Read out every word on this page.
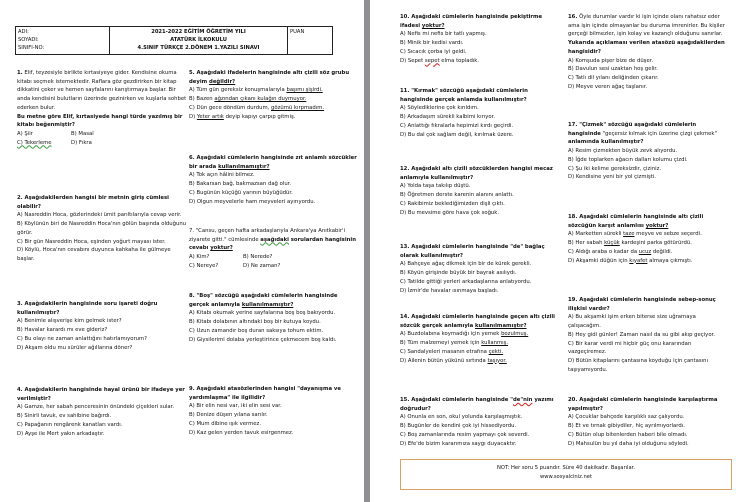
ADI:
SOYADI:
SINIFI-NO:
2021-2022 EĞİTİM ÖĞRETİM YILI
ATATÜRK İLKOKULU
4.SINIF TÜRKÇE 2.DÖNEM 1.YAZILI SINAVI
PUAN
1. Elif, teyzesiyle birlikte kırtasiyeye gider. Kendisine okuma kitabı seçmek istemektedir. Raflara göz gezdirirken bir kitap dikkatini çeker ve hemen sayfalarını karıştırmaya başlar. Bir anda kendisini bulutların üzerinde gezinirken ve kuşlarla sohbet ederken bulur.
Bu metne göre Elif, kırtasiyede hangi türde yazılmış bir kitabı beğenmiştir?
A) Şiir	B) Masal
C) Tekerleme	D) Fıkra
2. Aşağıdakilerden hangisi bir metnin giriş cümlesi olabilir?
A) Nasreddin Hoca, gözlerindeki ümit parıltılarıyla cevap verir.
B) Köylünün biri de Nasreddin Hoca'nın gölün başında olduğunu görür.
C) Bir gün Nasreddin Hoca, eşinden yoğurt mayası ister.
D) Köylü, Hoca'nın cevabını duyunca kahkaha ile gülmeye başlar.
3. Aşağıdakilerin hangisinde soru işareti doğru kullanılmıştır?
A) Benimle alışverişe kim gelmek ister?
B) Havalar karardı mı eve gideriz?
C) Bu olayı ne zaman anlattığını hatırlamıyorum?
D) Akşam oldu mu sürüler ağıllarına döner?
4. Aşağıdakilerin hangisinde hayal ürünü bir ifadeye yer verilmiştir?
A) Gamze, her sabah penceresinin önündeki çiçekleri sular.
B) Sinirli tavuk, ev sahibine bağırdı.
C) Papağanın rengârenk kanatları vardı.
D) Ayşe ile Mert yakın arkadaştır.
5. Aşağıdaki ifadelerin hangisinde altı çizili söz grubu deyim değildir?
A) Tüm gün gereksiz konuşmalarıyla başımı şişirdi.
B) Bazen ağzından çıkanı kulağın duymuyor.
C) Dün gece döndüm durdum, gözümü kırpmadım.
D) Yeter artık deyip kapıyı çarpıp gitmiş.
6. Aşağıdaki cümlelerin hangisinde zıt anlamlı sözcükler bir arada kullanılmamıştır?
A) Tok açın hâlini bilmez.
B) Bakarsan bağ, bakmazsan dağ olur.
C) Bugünün küçüğü yarının büyüğüdür.
D) Olgun meyvelerle ham meyveleri ayırıyordu.
7. "Cansu, geçen hafta arkadaşlarıyla Ankara'ya Anıtkabir'i ziyarete gitti." cümlesinde aşağıdaki sorulardan hangisinin cevabı yoktur?
A) Kim?	B) Nerede?
C) Nereye?	D) Ne zaman?
8. "Boş" sözcüğü aşağıdaki cümlelerin hangisinde gerçek anlamıyla kullanılmamıştır?
A) Kitabı okumak yerine sayfalarına boş boş bakıyordu.
B) Kitabı dolabının altındaki boş bir kutuya koydu.
C) Uzun zamandır boş duran saksıya tohum ektim.
D) Giysilerimi dolaba yerleştirince çekmecem boş kaldı.
9. Aşağıdaki atasözlerinden hangisi "dayanışma ve yardımlaşma" ile ilgilidir?
A) Bir elin nesi var, iki elin sesi var.
B) Denize düşen yılana sarılır.
C) Mum dibine ışık vermez.
D) Kaz gelen yerden tavuk esirgenmez.
10. Aşağıdaki cümlelerin hangisinde pekiştirme ifadesi yoktur?
A) Nefis mi nefis bir tatlı yapmış.
B) Minik bir kedisi vardı.
C) Sıcacık çorba iyi geldi.
D) Sepet sepet elma topladık.
11. "Kırmak" sözcüğü aşağıdaki cümlelerin hangisinde gerçek anlamda kullanılmıştır?
A) Söylediklerine çok kırıldım.
B) Arkadaşım sürekli kalbimi kırıyor.
C) Anlattığı fıkralarla hepimizi kırdı geçirdi.
D) Bu dal çok sağlam değil, kırılmak üzere.
12. Aşağıdaki altı çizili sözcüklerden hangisi mecaz anlamıyla kullanılmıştır?
A) Yolda taşa takılıp düştü.
B) Öğretmen derste karenin alanını anlattı.
C) Rakibimiz beklediğimizden dişli çıktı.
D) Bu mevsime göre hava çok soğuk.
13. Aşağıdaki cümlelerin hangisinde "de" bağlaç olarak kullanılmıştır?
A) Bahçeye ağaç dikmek için bir de kürek gerekli.
B) Köyün girişinde büyük bir bayrak asılıydı.
C) Tatilde gittiği yerleri arkadaşlarına anlatıyordu.
D) İzmir'de havalar ısınmaya başladı.
14. Aşağıdaki cümlelerin hangisinde geçen altı çizili sözcük gerçek anlamıyla kullanılmamıştır?
A) Buzdolabına koymadığı için yemek bozulmuş.
B) Tüm malzemeyi yemek için kullanmış.
C) Sandalyeleri masanın etrafına çekti.
D) Ailenin bütün yükünü sırtında taşıyor.
15. Aşağıdaki cümlelerin hangisinde "de"nin yazımı doğrudur?
A) Onunla en son, okul yolunda karşılaşmıştık.
B) Bugünler de kendini çok iyi hissediyordu.
C) Boş zamanlarında resim yapmayı çok severdi.
D) Efe'de bizim kararımıza saygı duyacaktır.
16. Öyle durumlar vardır ki işin içinde olanı rahatsız eder ama işin içinde olmayanlar bu duruma imrenirler. Bu kişiler gerçeği bilmezler, işin kolay ve kazançlı olduğunu sanırlar.
Yukarıda açıklaması verilen atasözü aşağıdakilerden hangisidir?
A) Komşuda pişer bize de düşer.
B) Davulun sesi uzaktan hoş gelir.
C) Tatlı dil yılanı deliğinden çıkarır.
D) Meyve veren ağaç taşlanır.
17. "Çizmek" sözcüğü aşağıdaki cümlelerin hangisinde "geçersiz kılmak için üzerine çizgi çekmek" anlamında kullanılmıştır?
A) Resim çizmekten büyük zevk alıyordu.
B) İğde toplarken ağacın dalları kolumu çizdi.
C) Şu iki kelime gereksizdir, çiziniz.
D) Kendisine yeni bir yol çizmişti.
18. Aşağıdaki cümlelerin hangisinde altı çizili sözcüğün karşıt anlamlısı yoktur?
A) Marketten sürekli taze meyve ve sebze seçerdi.
B) Her sabah küçük kardeşini parka götürürdü.
C) Aldığı araba o kadar da ucuz değildi.
D) Akşamki düğün için kıyafet almaya çıkmıştı.
19. Aşağıdaki cümlelerin hangisinde sebep-sonuç ilişkisi vardır?
A) Bu akşamki işim erken biterse size uğramaya çalışacağım.
B) Hey gidi günler! Zaman nasıl da su gibi akıp geçiyor.
C) Bir karar verdi mi hiçbir güç onu kararından vazgeçiremez.
D) Bütün kitaplarını çantasına koyduğu için çantasını taşıyamıyordu.
20. Aşağıdaki cümlelerin hangisinde karşılaştırma yapılmıştır?
A) Çocuklar bahçede karşılıklı saz çalıyordu.
B) Et ve tırnak gibiydiler, hiç ayrılmıyorlardı.
C) Bütün olup bitenlerden haberi bile olmadı.
D) Mahsulün bu yıl daha iyi olduğunu söyledi.
NOT: Her soru 5 puandır. Süre 40 dakikadır. Başarılar.
www.sosyalciniz.net
